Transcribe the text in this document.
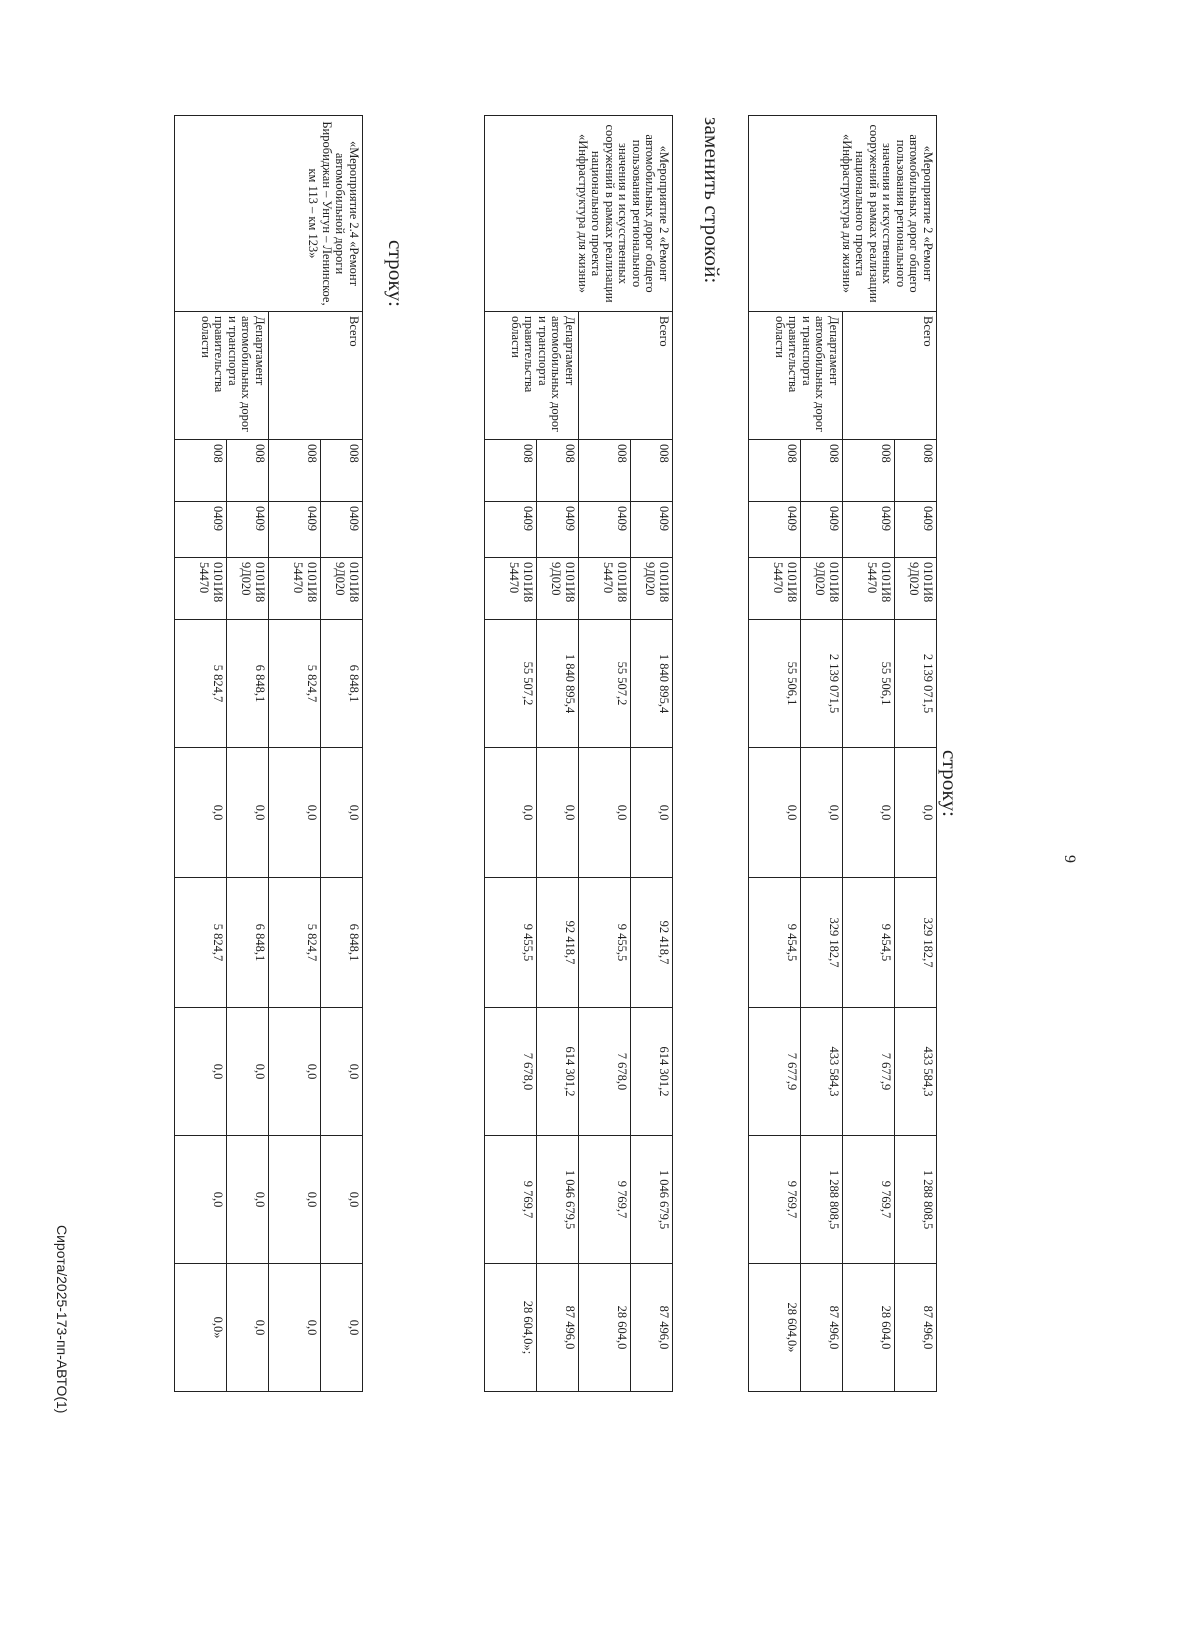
9
строку:
заменить строкой:
строку:	«Мероприятие 2 «Ремонт автомобильных дорог общего пользования регионального значения и искусственных сооружений в рамках реализации национального проекта «Инфраструктура для жизни»	Всего	008	0409	0101И8 9Д020	2 139 071,5	0,0	329 182,7	433 584,3	1 288 808,5	87 496,0
		008	0409	0101И8 54470	55 506,1	0,0	9 454,5	7 677,9	9 769,7	28 604,0
	Департамент автомобильных дорог и транспорта правительства области	008	0409	0101И8 9Д020	2 139 071,5	0,0	329 182,7	433 584,3	1 288 808,5	87 496,0
		008	0409	0101И8 54470	55 506,1	0,0	9 454,5	7 677,9	9 769,7	28 604,0»
«Мероприятие 2 «Ремонт автомобильных дорог общего пользования регионального значения и искусственных сооружений в рамках реализации национального проекта «Инфраструктура для жизни»	Всего	008	0409	0101И8 9Д020	1 840 895,4	0,0	92 418,7	614 301,2	1 046 679,5	87 496,0
		008	0409	0101И8 54470	55 507,2	0,0	9 455,5	7 678,0	9 769,7	28 604,0
	Департамент автомобильных дорог и транспорта правительства области	008	0409	0101И8 9Д020	1 840 895,4	0,0	92 418,7	614 301,2	1 046 679,5	87 496,0
		008	0409	0101И8 54470	55 507,2	0,0	9 455,5	7 678,0	9 769,7	28 604,0»;
«Мероприятие 2.4 «Ремонт автомобильной дороги Биробиджан – Унгун – Ленинское, км 113 – км 123»	Всего	008	0409	0101И8 9Д020	6 848,1	0,0	6 848,1	0,0	0,0	0,0
		008	0409	0101И8 54470	5 824,7	0,0	5 824,7	0,0	0,0	0,0
	Департамент автомобильных дорог и транспорта правительства области	008	0409	0101И8 9Д020	6 848,1	0,0	6 848,1	0,0	0,0	0,0
		008	0409	0101И8 54470	5 824,7	0,0	5 824,7	0,0	0,0	0,0»
Сирота/2025-173-пп-АВТО(1)
